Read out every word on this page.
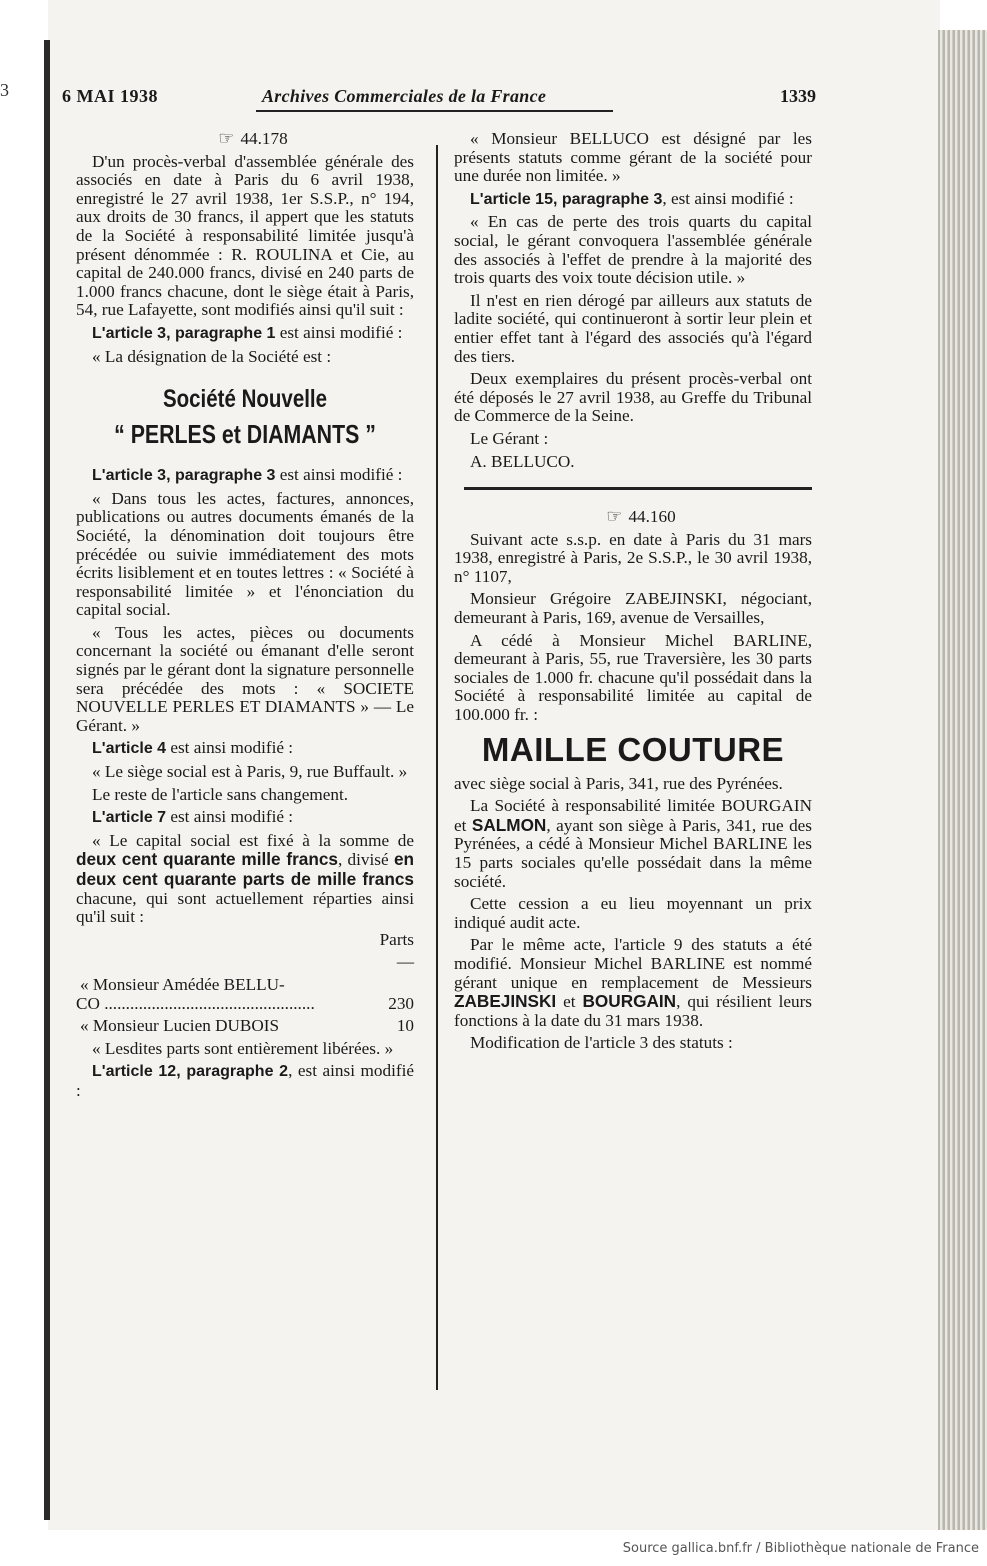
3	6 MAI 1938	Archives Commerciales de la France	1339

☞ 44.178

D'un procès-verbal d'assemblée générale des associés en date à Paris du 6 avril 1938, enregistré le 27 avril 1938, 1er S.S.P., n° 194, aux droits de 30 francs, il appert que les statuts de la Société à responsabilité limitée jusqu'à présent dénommée : R. ROULINA et Cie, au capital de 240.000 francs, divisé en 240 parts de 1.000 francs chacune, dont le siège était à Paris, 54, rue Lafayette, sont modifiés ainsi qu'il suit :

L'article 3, paragraphe 1 est ainsi modifié :

« La désignation de la Société est :

Société Nouvelle
“ PERLES et DIAMANTS ”

L'article 3, paragraphe 3 est ainsi modifié :

« Dans tous les actes, factures, annonces, publications ou autres documents émanés de la Société, la dénomination doit toujours être précédée ou suivie immédiatement des mots écrits lisiblement et en toutes lettres : « Société à responsabilité limitée » et l'énonciation du capital social.

« Tous les actes, pièces ou documents concernant la société ou émanant d'elle seront signés par le gérant dont la signature personnelle sera précédée des mots : « SOCIETE NOUVELLE PERLES ET DIAMANTS » — Le Gérant. »

L'article 4 est ainsi modifié :

« Le siège social est à Paris, 9, rue Buffault. »

Le reste de l'article sans changement.

L'article 7 est ainsi modifié :

« Le capital social est fixé à la somme de deux cent quarante mille francs, divisé en deux cent quarante parts de mille francs chacune, qui sont actuellement réparties ainsi qu'il suit :

Parts

—

« Monsieur Amédée BELLU-

CO .................................................	230
« Monsieur Lucien DUBOIS	10

« Lesdites parts sont entièrement libérées. »

L'article 12, paragraphe 2, est ainsi modifié :

« Monsieur BELLUCO est désigné par les présents statuts comme gérant de la société pour une durée non limitée. »

L'article 15, paragraphe 3, est ainsi modifié :

« En cas de perte des trois quarts du capital social, le gérant convoquera l'assemblée générale des associés à l'effet de prendre à la majorité des trois quarts des voix toute décision utile. »

Il n'est en rien dérogé par ailleurs aux statuts de ladite société, qui continueront à sortir leur plein et entier effet tant à l'égard des associés qu'à l'égard des tiers.

Deux exemplaires du présent procès-verbal ont été déposés le 27 avril 1938, au Greffe du Tribunal de Commerce de la Seine.

Le Gérant :

A. BELLUCO.

☞ 44.160

Suivant acte s.s.p. en date à Paris du 31 mars 1938, enregistré à Paris, 2e S.S.P., le 30 avril 1938, n° 1107,

Monsieur Grégoire ZABEJINSKI, négociant, demeurant à Paris, 169, avenue de Versailles,

A cédé à Monsieur Michel BARLINE, demeurant à Paris, 55, rue Traversière, les 30 parts sociales de 1.000 fr. chacune qu'il possédait dans la Société à responsabilité limitée au capital de 100.000 fr. :

MAILLE COUTURE

avec siège social à Paris, 341, rue des Pyrénées.

La Société à responsabilité limitée BOURGAIN et SALMON, ayant son siège à Paris, 341, rue des Pyrénées, a cédé à Monsieur Michel BARLINE les 15 parts sociales qu'elle possédait dans la même société.

Cette cession a eu lieu moyennant un prix indiqué audit acte.

Par le même acte, l'article 9 des statuts a été modifié. Monsieur Michel BARLINE est nommé gérant unique en remplacement de Messieurs ZABEJINSKI et BOURGAIN, qui résilient leurs fonctions à la date du 31 mars 1938.

Modification de l'article 3 des statuts :

Source gallica.bnf.fr / Bibliothèque nationale de France
